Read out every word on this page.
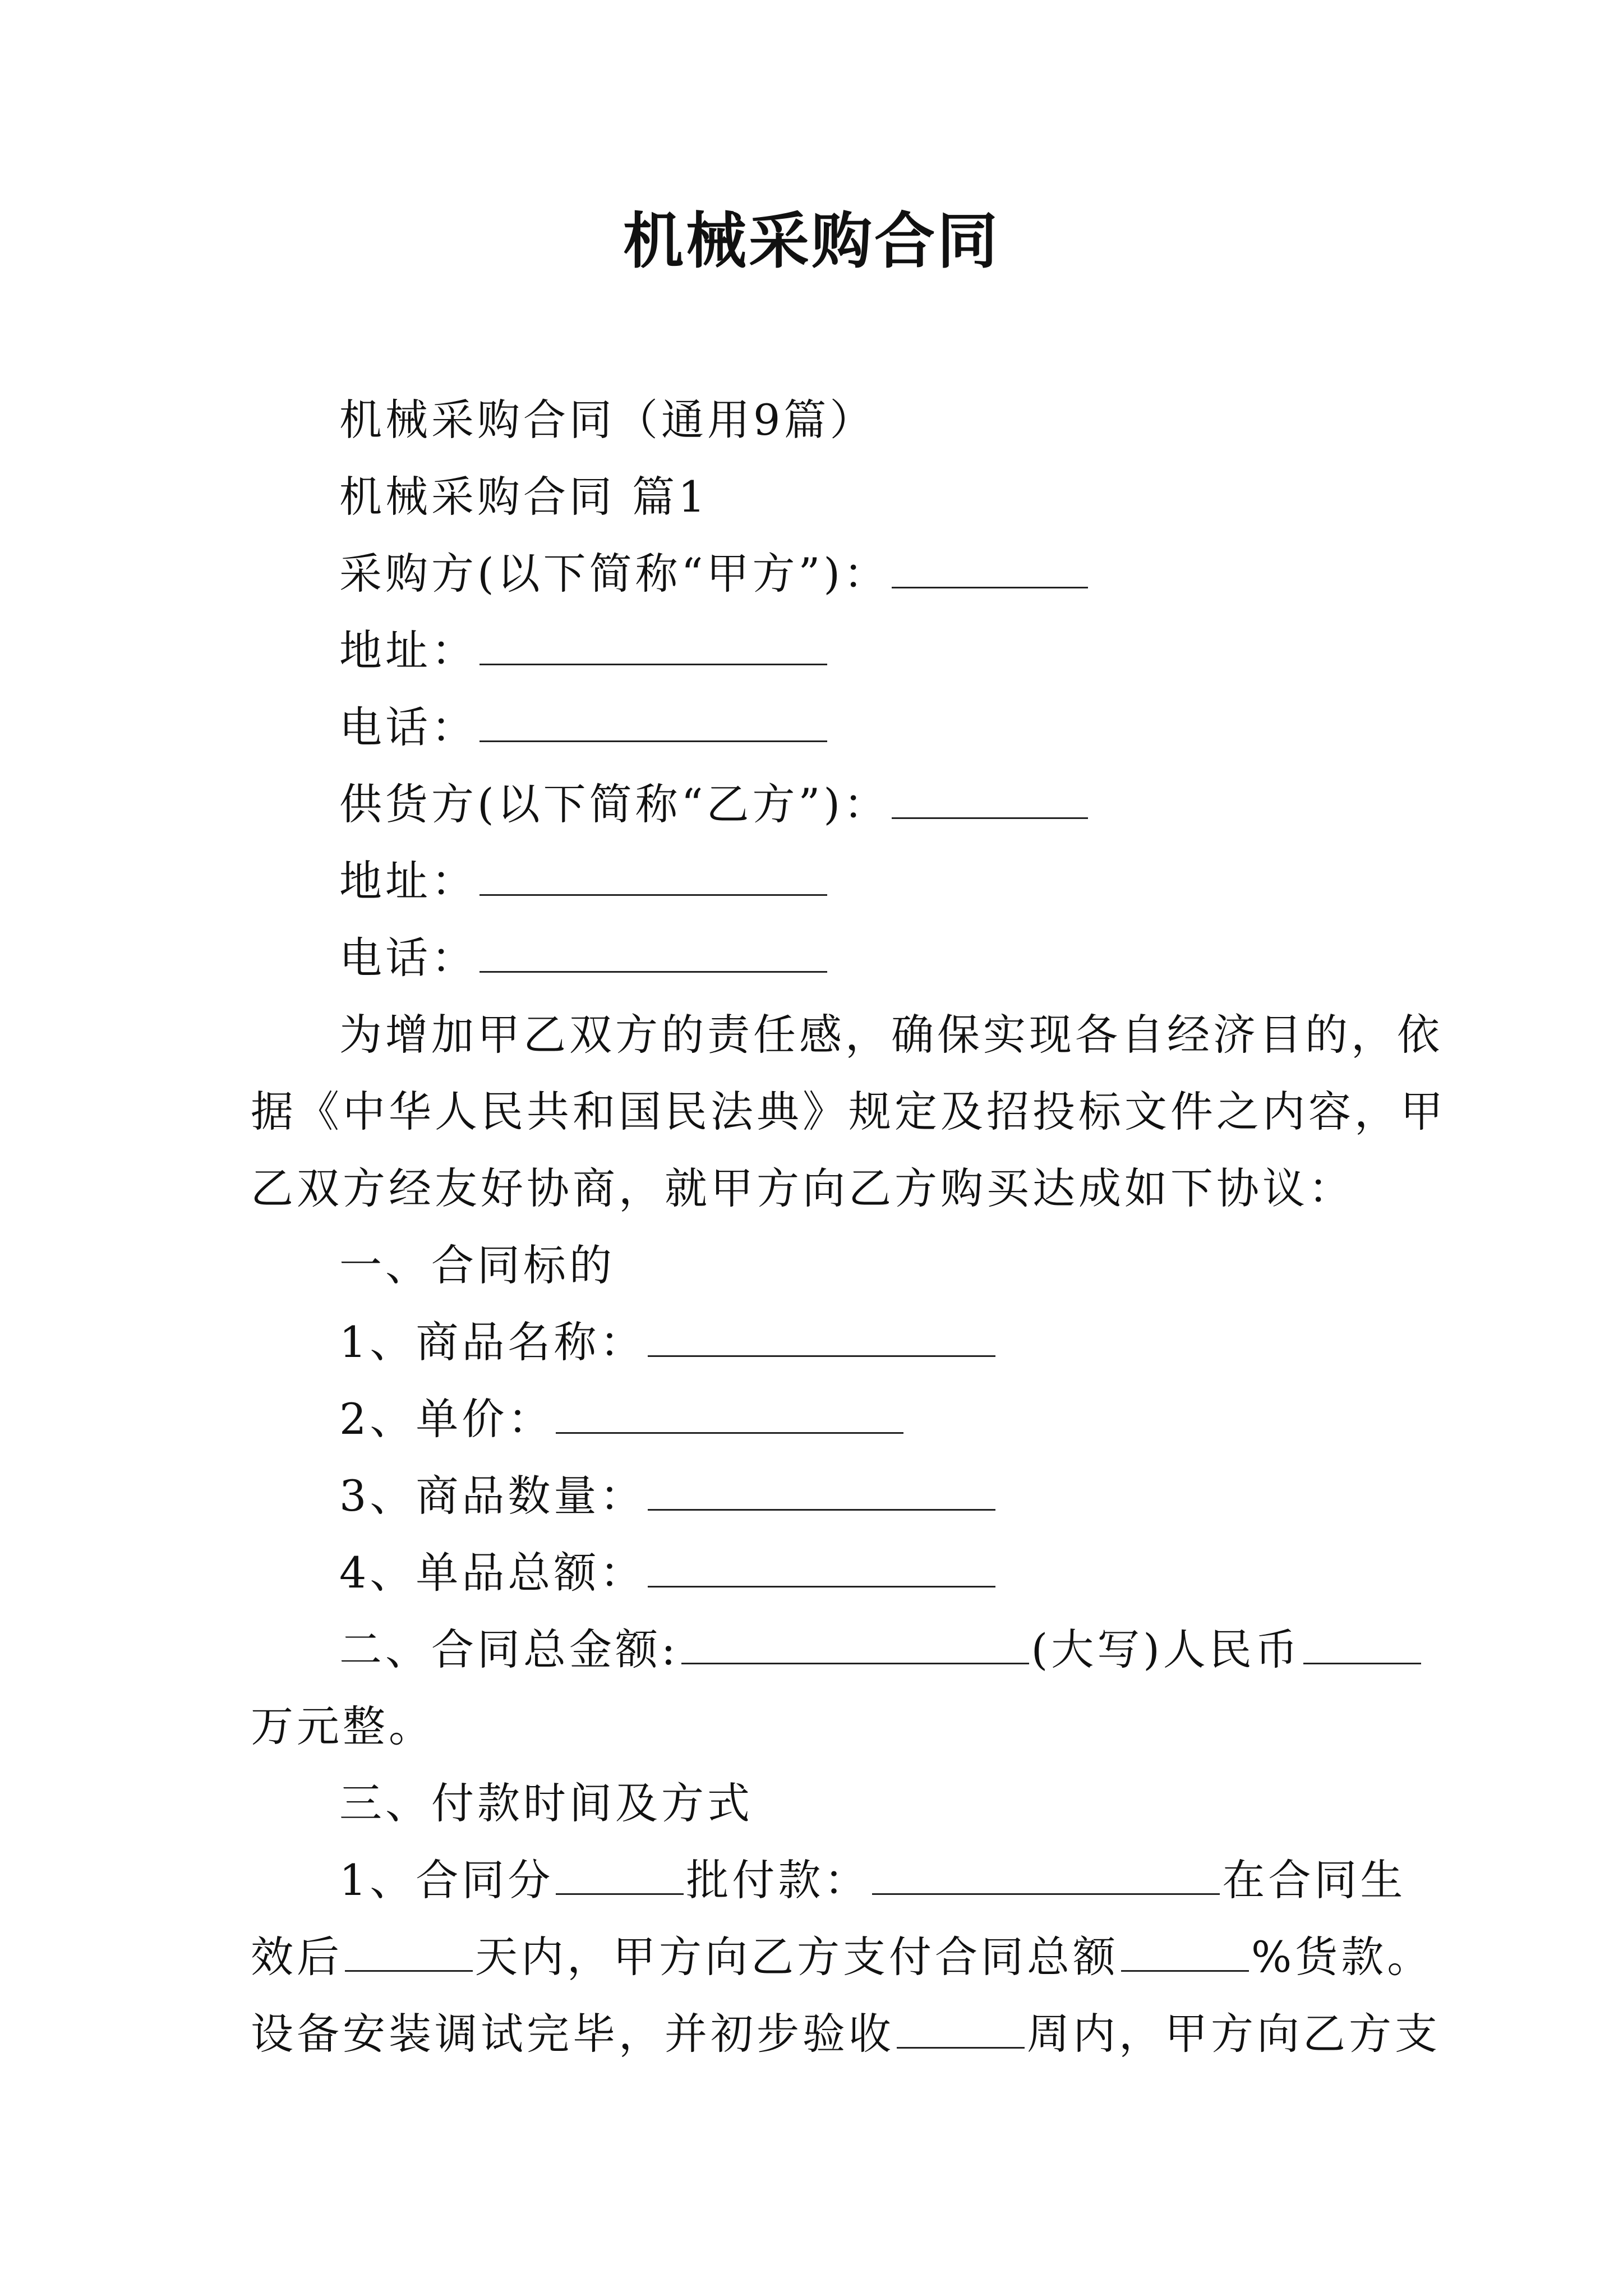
机械采购合同
机械采购合同（通用9篇）
机械采购合同 篇1
采购方(以下简称“甲方”)：
地址：
电话：
供货方(以下简称“乙方”)：
地址：
电话：
为增加甲乙双方的责任感，确保实现各自经济目的，依
据《中华人民共和国民法典》规定及招投标文件之内容，甲
乙双方经友好协商，就甲方向乙方购买达成如下协议：
一、合同标的
1、商品名称：
2、单价：
3、商品数量：
4、单品总额：
二、合同总金额:	(大写)人民币
万元整。
三、付款时间及方式
1、合同分	批付款：	在合同生
效后	天内，甲方向乙方支付合同总额	%货款。
设备安装调试完毕，并初步验收	周内，甲方向乙方支
